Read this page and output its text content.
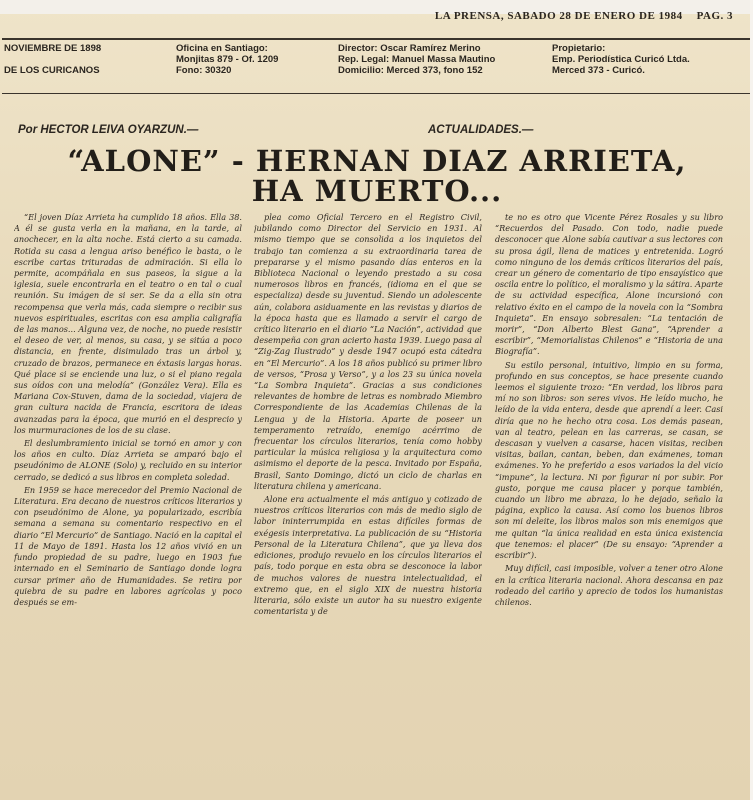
LA PRENSA, SABADO 28 DE ENERO DE 1984 PAG. 3
NOVIEMBRE DE 1898
DE LOS CURICANOS
Oficina en Santiago:
Monjitas 879 - Of. 1209
Fono: 30320
Director: Oscar Ramírez Merino
Rep. Legal: Manuel Massa Mautino
Domicilio: Merced 373, fono 152
Propietario:
Emp. Periodística Curicó Ltda.
Merced 373 - Curicó.
Por HECTOR LEIVA OYARZUN.—	ACTUALIDADES.—
“ALONE” - HERNAN DIAZ ARRIETA,
HA MUERTO...

“El joven Díaz Arrieta ha cumplido 18 años. Ella 38. A él se gusta verla en la mañana, en la tarde, al anochecer, en la alta noche. Está cierto a su camada. Rotida su casa a lengua ariso benéfico le basta, o le escribe cartas trituradas de admiración. Si ella lo permite, acompáñala en sus paseos, la sigue a la iglesia, suele encontrarla en el teatro o en tal o cual reunión. Su imágen de si ser. Se da a ella sin otra recompensa que verla más, cada siempre o recibir sus nuevos espirituales, escritas con esa amplia caligrafía de las manos... Alguna vez, de noche, no puede resistir el deseo de ver, al menos, su casa, y se sitúa a poco distancia, en frente, disimulado tras un árbol y, cruzado de brazos, permanece en éxtasis largas horas. Qué place si se enciende una luz, o si el piano regala sus oídos con una melodía” (González Vera). Ella es Mariana Cox-Stuven, dama de la sociedad, viajera de gran cultura nacida de Francia, escritora de ideas avanzadas para la época, que murió en el desprecio y los murmuraciones de los de su clase.

El deslumbramiento inicial se tornó en amor y con los años en culto. Díaz Arrieta se amparó bajo el pseudónimo de ALONE (Solo) y, recluido en su interior cerrado, se dedicó a sus libros en completa soledad.

En 1959 se hace merecedor del Premio Nacional de Literatura. Era decano de nuestros críticos literarios y con pseudónimo de Alone, ya popularizado, escribía semana a semana su comentario respectivo en el diario “El Mercurio” de Santiago. Nació en la capital el 11 de Mayo de 1891. Hasta los 12 años vivió en un fundo propiedad de su padre, luego en 1903 fue internado en el Seminario de Santiago donde logra cursar primer año de Humanidades. Se retira por quiebra de su padre en labores agrícolas y poco después se em-

plea como Oficial Tercero en el Registro Civil, jubilando como Director del Servicio en 1931. Al mismo tiempo que se consolida a los inquietos del trabajo tan comienza a su extraordinaria tarea de prepararse y el mismo pasando días enteros en la Biblioteca Nacional o leyendo prestado a su cosa numerosos libros en francés, (idioma en el que se especializa) desde su juventud. Siendo un adolescente aún, colabora asiduamente en las revistas y diarios de la época hasta que es llamado a servir el cargo de crítico literario en el diario “La Nación”, actividad que desempeña con gran acierto hasta 1939. Luego pasa al “Zig-Zag Ilustrado” y desde 1947 ocupó esta cátedra en “El Mercurio”. A los 18 años publicó su primer libro de versos, “Prosa y Verso”, y a los 23 su única novela “La Sombra Inquieta”. Gracias a sus condiciones relevantes de hombre de letras es nombrado Miembro Correspondiente de las Academias Chilenas de la Lengua y de la Historia. Aparte de poseer un temperamento retraído, enemigo acérrimo de frecuentar los círculos literarios, tenía como hobby particular la música religiosa y la arquitectura como asimismo el deporte de la pesca. Invitado por España, Brasil, Santo Domingo, dictó un ciclo de charlas en literatura chilena y americana.

Alone era actualmente el más antiguo y cotizado de nuestros críticos literarios con más de medio siglo de labor ininterrumpida en estas difíciles formas de exégesis interpretativa. La publicación de su “Historia Personal de la Literatura Chilena”, que ya lleva dos ediciones, produjo revuelo en los círculos literarios el país, todo porque en esta obra se desconoce la labor de muchos valores de nuestra intelectualidad, el extremo que, en el siglo XIX de nuestra historia literaria, sólo existe un autor ha su nuestro exigente comentarista y de

te no es otro que Vicente Pérez Rosales y su libro “Recuerdos del Pasado. Con todo, nadie puede desconocer que Alone sabía cautivar a sus lectores con su prosa ágil, llena de matices y entretenida. Logró como ninguno de los demás críticos literarios del país, crear un género de comentario de tipo ensayístico que oscila entre lo político, el moralismo y la sátira. Aparte de su actividad específica, Alone incursionó con relativo éxito en el campo de la novela con la “Sombra Inquieta”. En ensayo sobresalen: “La tentación de morir”, “Don Alberto Blest Gana”, “Aprender a escribir”, “Memorialistas Chilenos” e “Historia de una Biografía”.

Su estilo personal, intuitivo, limpio en su forma, profundo en sus conceptos, se hace presente cuando leemos el siguiente trozo: “En verdad, los libros para mí no son libros: son seres vivos. He leído mucho, he leído de la vida entera, desde que aprendí a leer. Casi diría que no he hecho otra cosa. Los demás pasean, van al teatro, pelean en las carreras, se casan, se descasan y vuelven a casarse, hacen visitas, reciben visitas, bailan, cantan, beben, dan exámenes, toman exámenes. Yo he preferido a esos variados la del vicio “impune”, la lectura. Ni por figurar ni por subir. Por gusto, porque me causa placer y porque también, cuando un libro me abraza, lo he dejado, señalo la página, explico la causa. Así como los buenos libros son mi deleite, los libros malos son mis enemigos que me quitan “la única realidad en esta única existencia que tenemos: el placer” (De su ensayo: “Aprender a escribir”).

Muy difícil, casi imposible, volver a tener otro Alone en la crítica literaria nacional. Ahora descansa en paz rodeado del cariño y aprecio de todos los humanistas chilenos.
